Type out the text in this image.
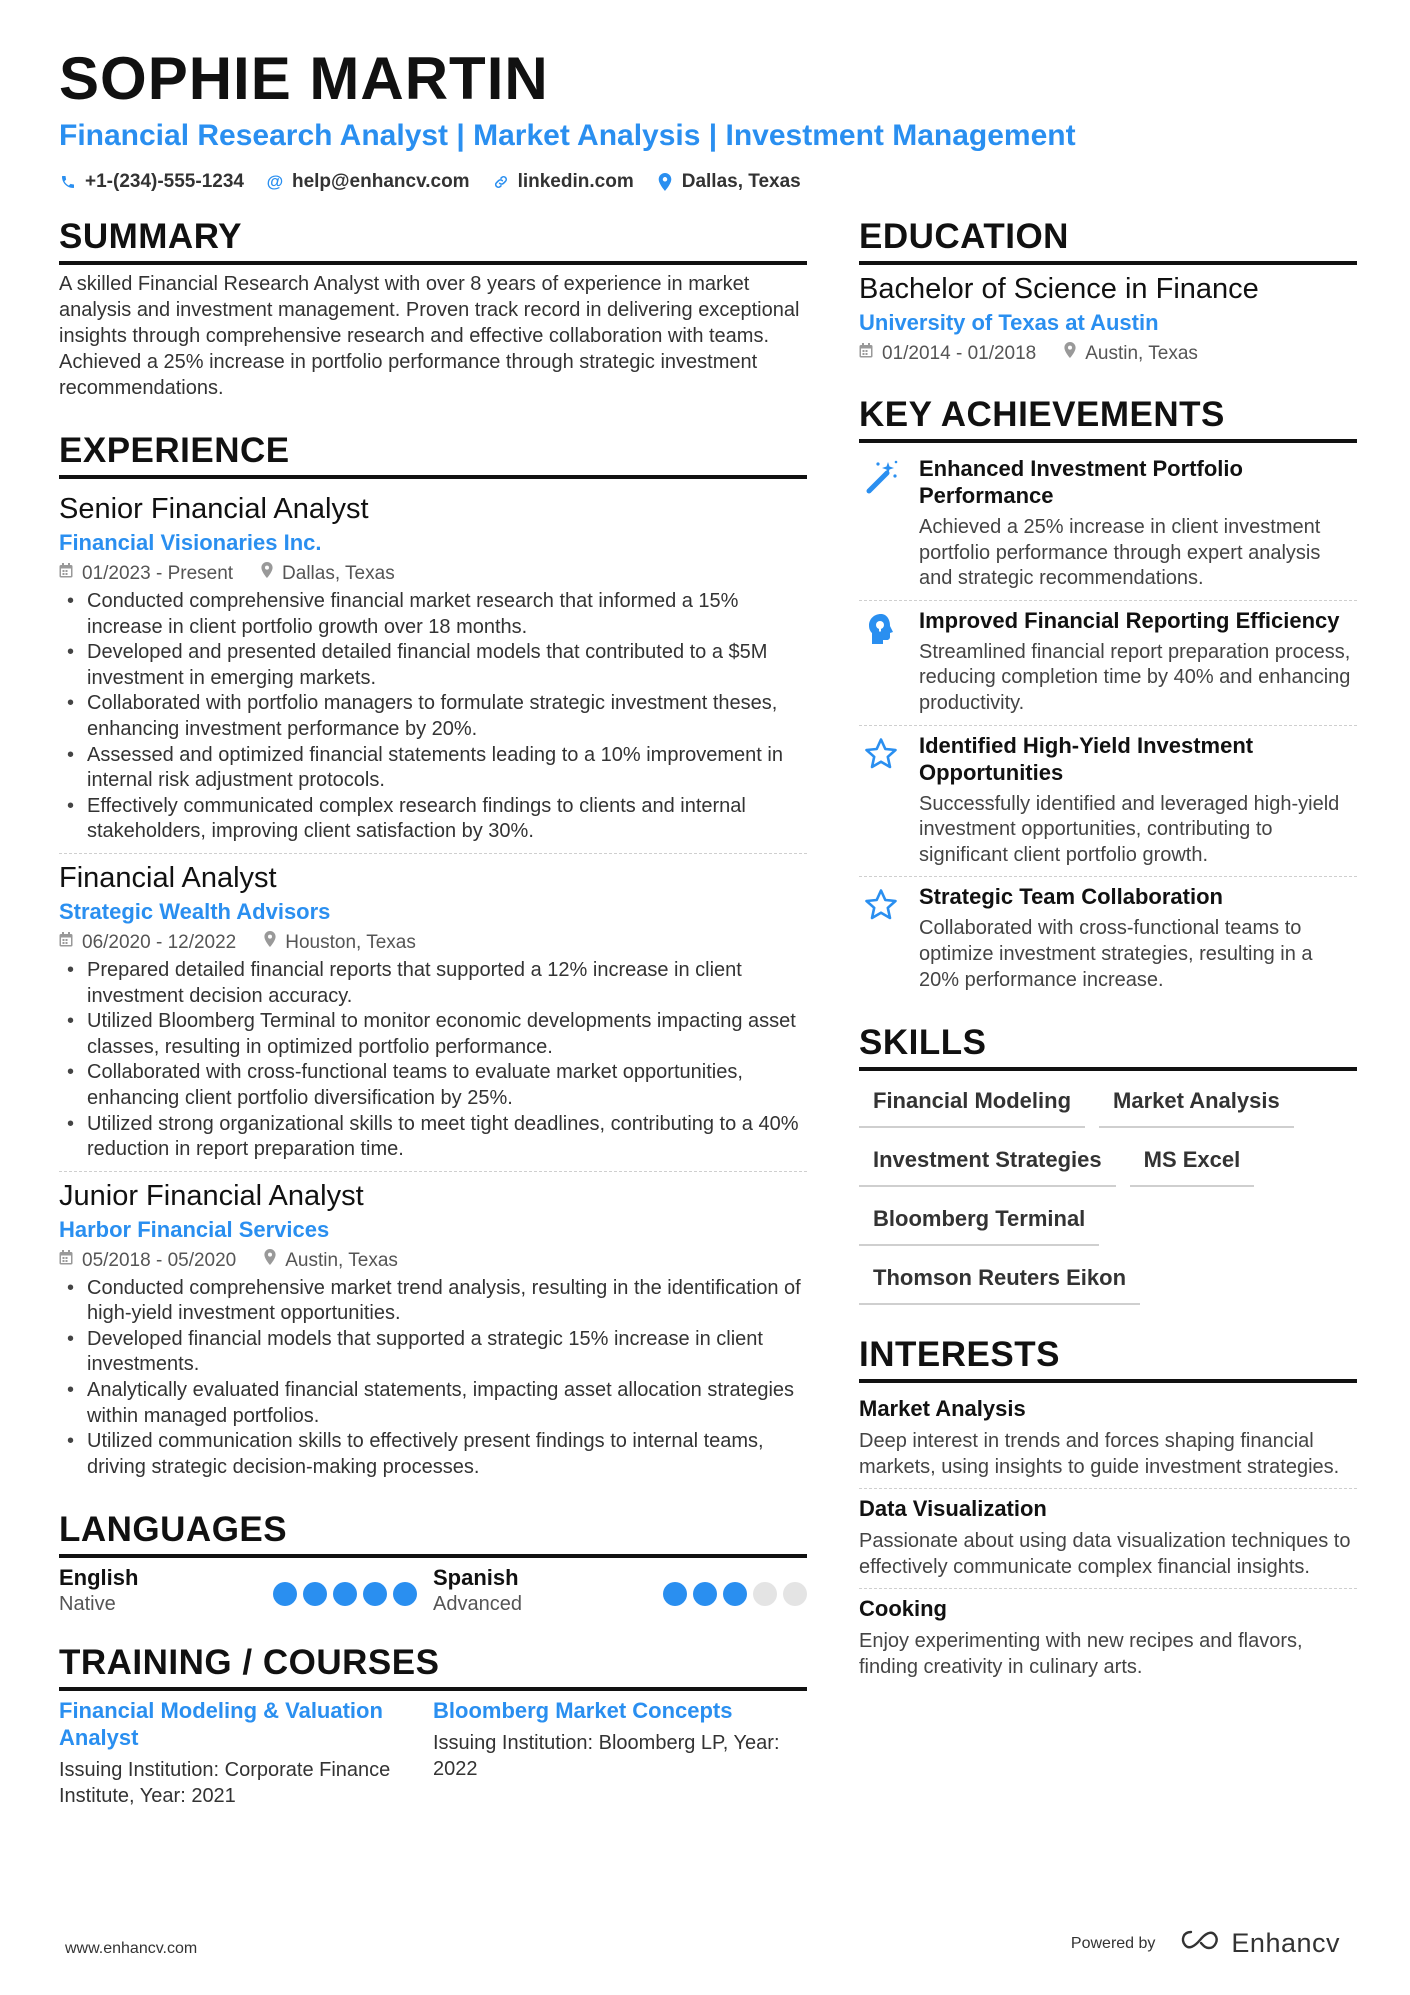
SOPHIE MARTIN
Financial Research Analyst | Market Analysis | Investment Management
+1-(234)-555-1234 @ help@enhancv.com	linkedin.com	Dallas, Texas
SUMMARY
A skilled Financial Research Analyst with over 8 years of experience in market analysis and investment management. Proven track record in delivering exceptional insights through comprehensive research and effective collaboration with teams. Achieved a 25% increase in portfolio performance through strategic investment recommendations.
EXPERIENCE
Senior Financial Analyst
Financial Visionaries Inc.
01/2023 - Present	Dallas, Texas
• Conducted comprehensive financial market research that informed a 15% increase in client portfolio growth over 18 months.
• Developed and presented detailed financial models that contributed to a $5M investment in emerging markets.
• Collaborated with portfolio managers to formulate strategic investment theses, enhancing investment performance by 20%.
• Assessed and optimized financial statements leading to a 10% improvement in internal risk adjustment protocols.
• Effectively communicated complex research findings to clients and internal stakeholders, improving client satisfaction by 30%.
Financial Analyst
Strategic Wealth Advisors
06/2020 - 12/2022	Houston, Texas
• Prepared detailed financial reports that supported a 12% increase in client investment decision accuracy.
• Utilized Bloomberg Terminal to monitor economic developments impacting asset classes, resulting in optimized portfolio performance.
• Collaborated with cross-functional teams to evaluate market opportunities, enhancing client portfolio diversification by 25%.
• Utilized strong organizational skills to meet tight deadlines, contributing to a 40% reduction in report preparation time.
Junior Financial Analyst
Harbor Financial Services
05/2018 - 05/2020	Austin, Texas
• Conducted comprehensive market trend analysis, resulting in the identification of high-yield investment opportunities.
• Developed financial models that supported a strategic 15% increase in client investments.
• Analytically evaluated financial statements, impacting asset allocation strategies within managed portfolios.
• Utilized communication skills to effectively present findings to internal teams, driving strategic decision-making processes.
LANGUAGES
English
Native
Spanish
Advanced
TRAINING / COURSES
Financial Modeling & Valuation Analyst
Issuing Institution: Corporate Finance Institute, Year: 2021
Bloomberg Market Concepts
Issuing Institution: Bloomberg LP, Year: 2022
EDUCATION
Bachelor of Science in Finance
University of Texas at Austin
01/2014 - 01/2018	Austin, Texas
KEY ACHIEVEMENTS
Enhanced Investment Portfolio Performance
Achieved a 25% increase in client investment portfolio performance through expert analysis and strategic recommendations.
Improved Financial Reporting Efficiency
Streamlined financial report preparation process, reducing completion time by 40% and enhancing productivity.
Identified High-Yield Investment Opportunities
Successfully identified and leveraged high-yield investment opportunities, contributing to significant client portfolio growth.
Strategic Team Collaboration
Collaborated with cross-functional teams to optimize investment strategies, resulting in a 20% performance increase.
SKILLS
Financial Modeling	Market Analysis
Investment Strategies	MS Excel
Bloomberg Terminal
Thomson Reuters Eikon
INTERESTS
Market Analysis
Deep interest in trends and forces shaping financial markets, using insights to guide investment strategies.
Data Visualization
Passionate about using data visualization techniques to effectively communicate complex financial insights.
Cooking
Enjoy experimenting with new recipes and flavors, finding creativity in culinary arts.
www.enhancv.com	Powered by	Enhancv
